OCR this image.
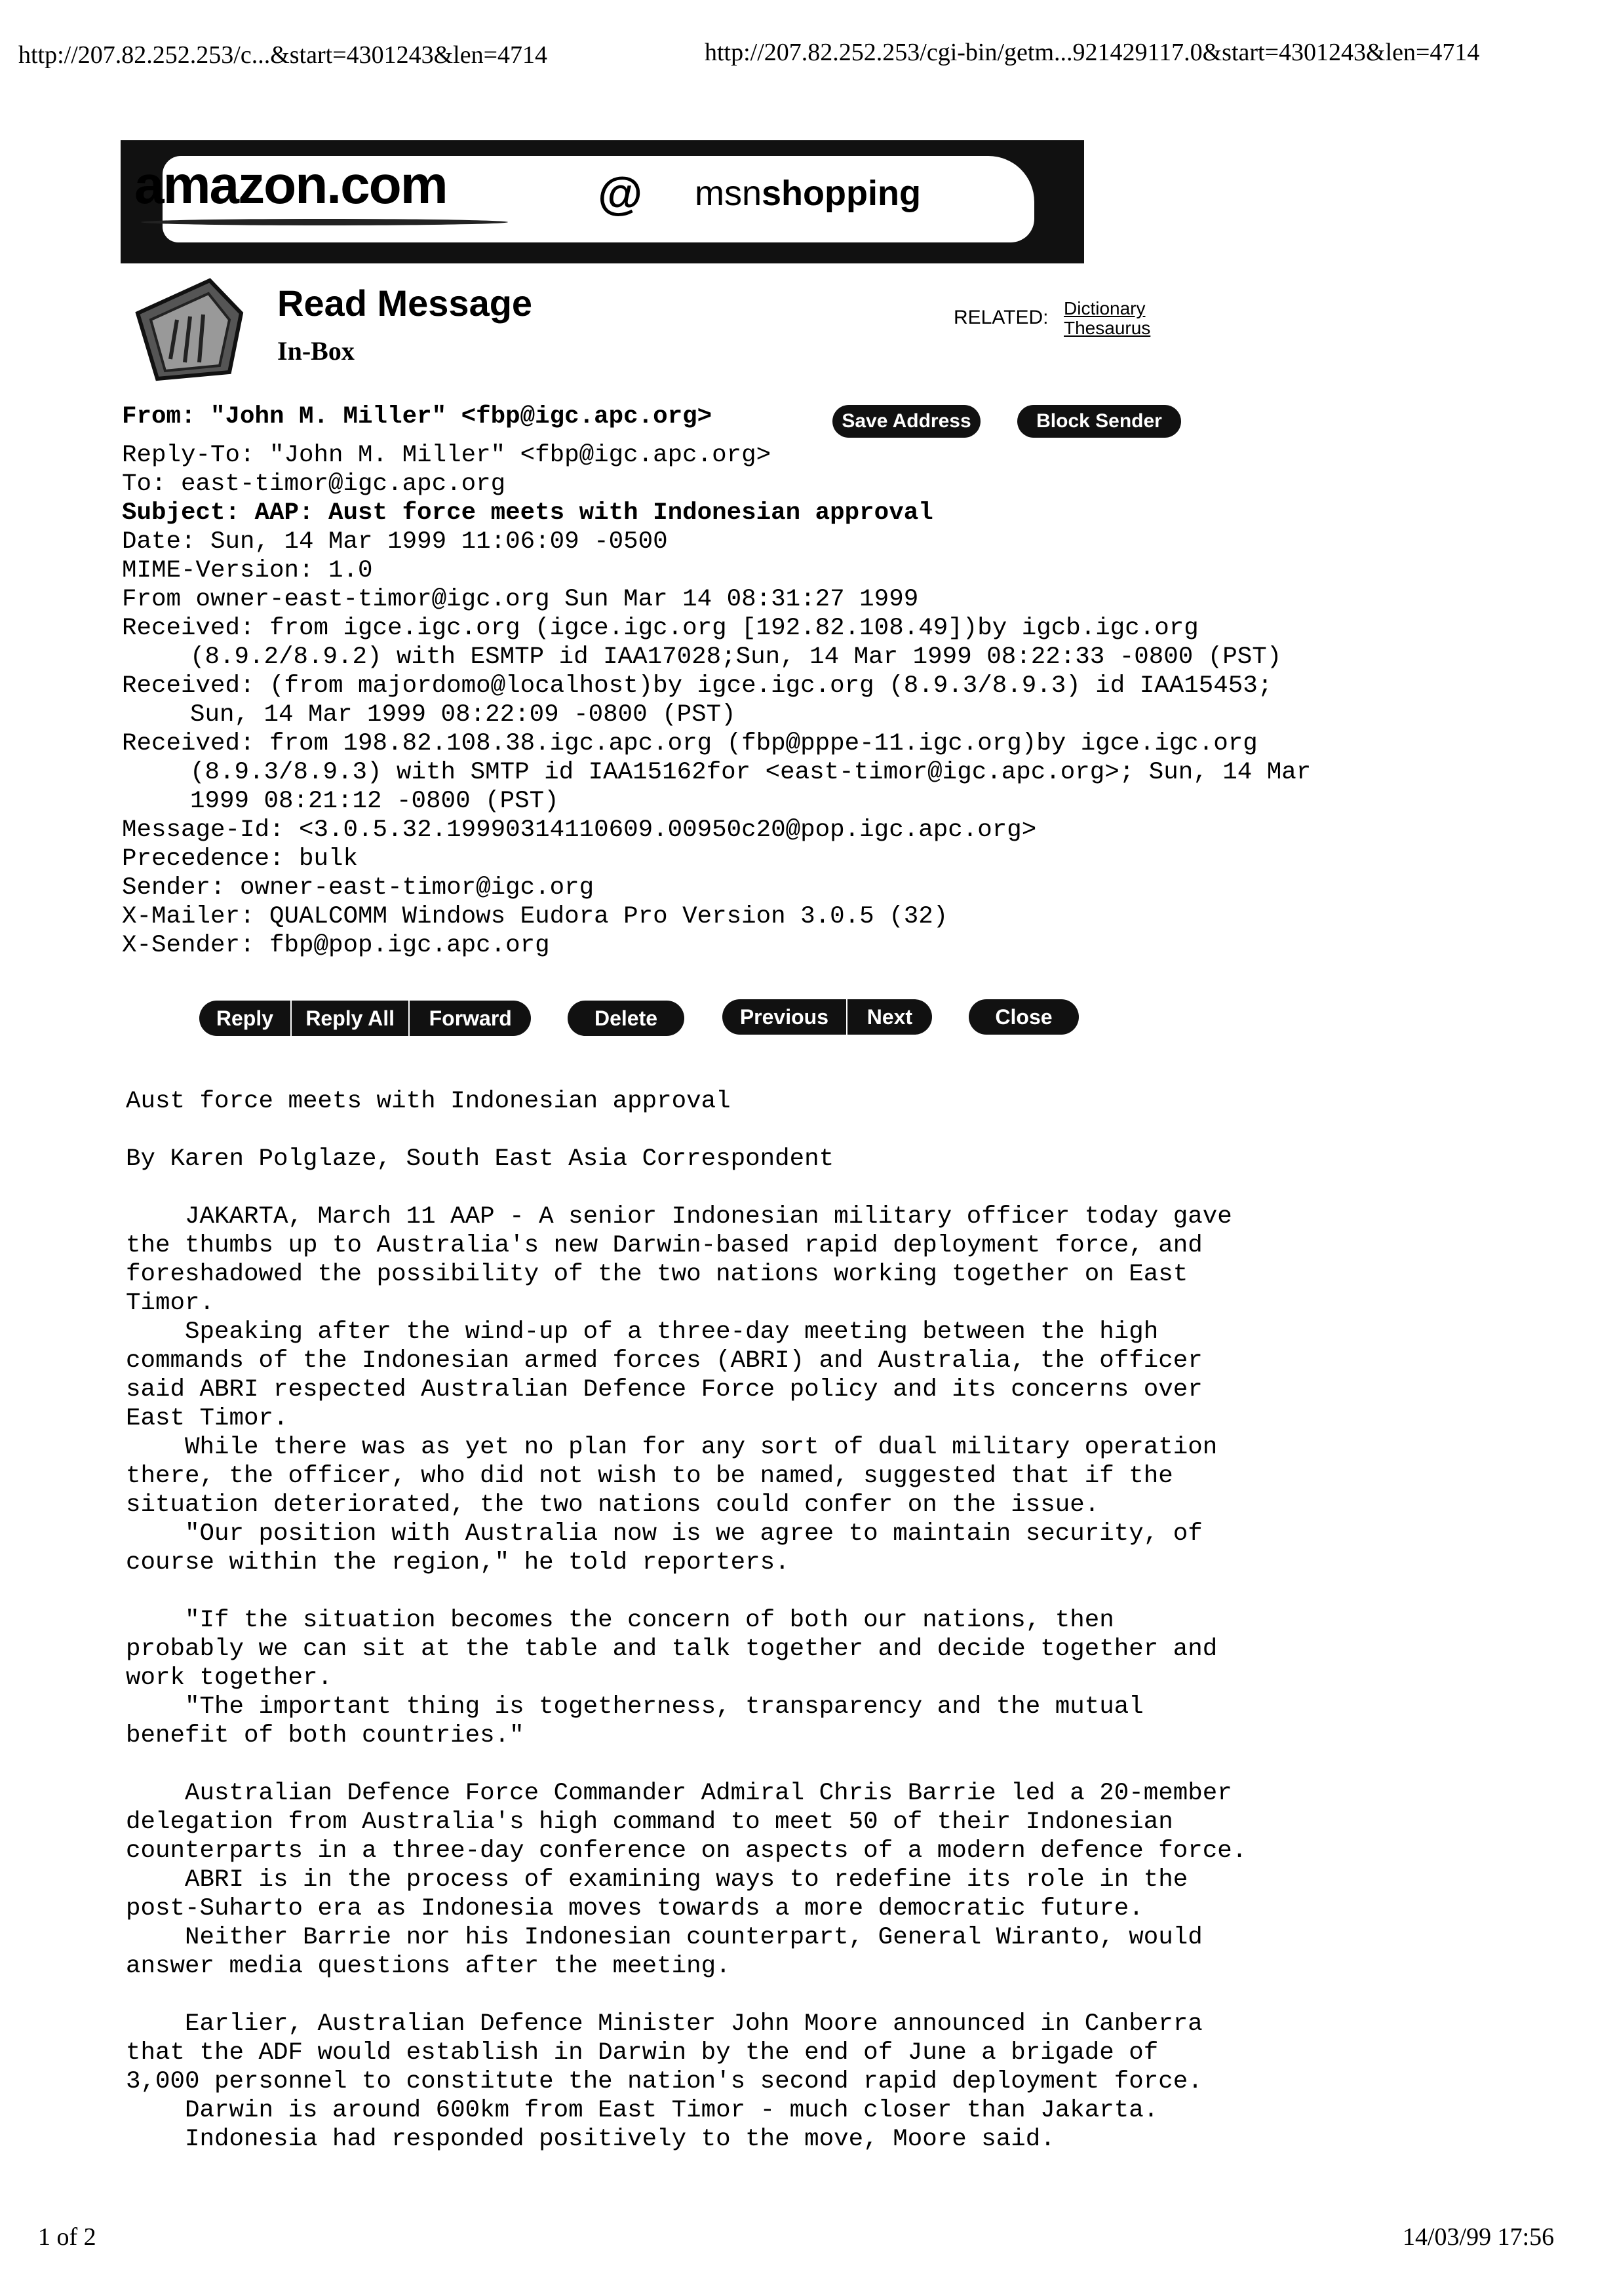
http://207.82.252.253/c...&start=4301243&len=4714	http://207.82.252.253/cgi-bin/getm...921429117.0&start=4301243&len=4714
1 of 2	14/03/99 17:56
amazon.com	@ msnshopping
Read Message
In-Box
RELATED: Dictionary
Thesaurus
From: "John M. Miller" <fbp@igc.apc.org>	Save Address	Block Sender
Reply-To: "John M. Miller" <fbp@igc.apc.org>
To: east-timor@igc.apc.org
Subject: AAP: Aust force meets with Indonesian approval
Date: Sun, 14 Mar 1999 11:06:09 -0500
MIME-Version: 1.0
From owner-east-timor@igc.org Sun Mar 14 08:31:27 1999
Received: from igce.igc.org (igce.igc.org [192.82.108.49])by igcb.igc.org
(8.9.2/8.9.2) with ESMTP id IAA17028;Sun, 14 Mar 1999 08:22:33 -0800 (PST)
Received: (from majordomo@localhost)by igce.igc.org (8.9.3/8.9.3) id IAA15453;
Sun, 14 Mar 1999 08:22:09 -0800 (PST)
Received: from 198.82.108.38.igc.apc.org (fbp@pppe-11.igc.org)by igce.igc.org
(8.9.3/8.9.3) with SMTP id IAA15162for <east-timor@igc.apc.org>; Sun, 14 Mar
1999 08:21:12 -0800 (PST)
Message-Id: <3.0.5.32.19990314110609.00950c20@pop.igc.apc.org>
Precedence: bulk
Sender: owner-east-timor@igc.org
X-Mailer: QUALCOMM Windows Eudora Pro Version 3.0.5 (32)
X-Sender: fbp@pop.igc.apc.org
Reply	Reply All	Forward	Delete	Previous	Next	Close
Aust force meets with Indonesian approval
By Karen Polglaze, South East Asia Correspondent
JAKARTA, March 11 AAP - A senior Indonesian military officer today gave
the thumbs up to Australia's new Darwin-based rapid deployment force, and
foreshadowed the possibility of the two nations working together on East
Timor.
Speaking after the wind-up of a three-day meeting between the high
commands of the Indonesian armed forces (ABRI) and Australia, the officer
said ABRI respected Australian Defence Force policy and its concerns over
East Timor.
While there was as yet no plan for any sort of dual military operation
there, the officer, who did not wish to be named, suggested that if the
situation deteriorated, the two nations could confer on the issue.
"Our position with Australia now is we agree to maintain security, of
course within the region," he told reporters.
"If the situation becomes the concern of both our nations, then
probably we can sit at the table and talk together and decide together and
work together.
"The important thing is togetherness, transparency and the mutual
benefit of both countries."
Australian Defence Force Commander Admiral Chris Barrie led a 20-member
delegation from Australia's high command to meet 50 of their Indonesian
counterparts in a three-day conference on aspects of a modern defence force.
ABRI is in the process of examining ways to redefine its role in the
post-Suharto era as Indonesia moves towards a more democratic future.
Neither Barrie nor his Indonesian counterpart, General Wiranto, would
answer media questions after the meeting.
Earlier, Australian Defence Minister John Moore announced in Canberra
that the ADF would establish in Darwin by the end of June a brigade of
3,000 personnel to constitute the nation's second rapid deployment force.
Darwin is around 600km from East Timor - much closer than Jakarta.
Indonesia had responded positively to the move, Moore said.
